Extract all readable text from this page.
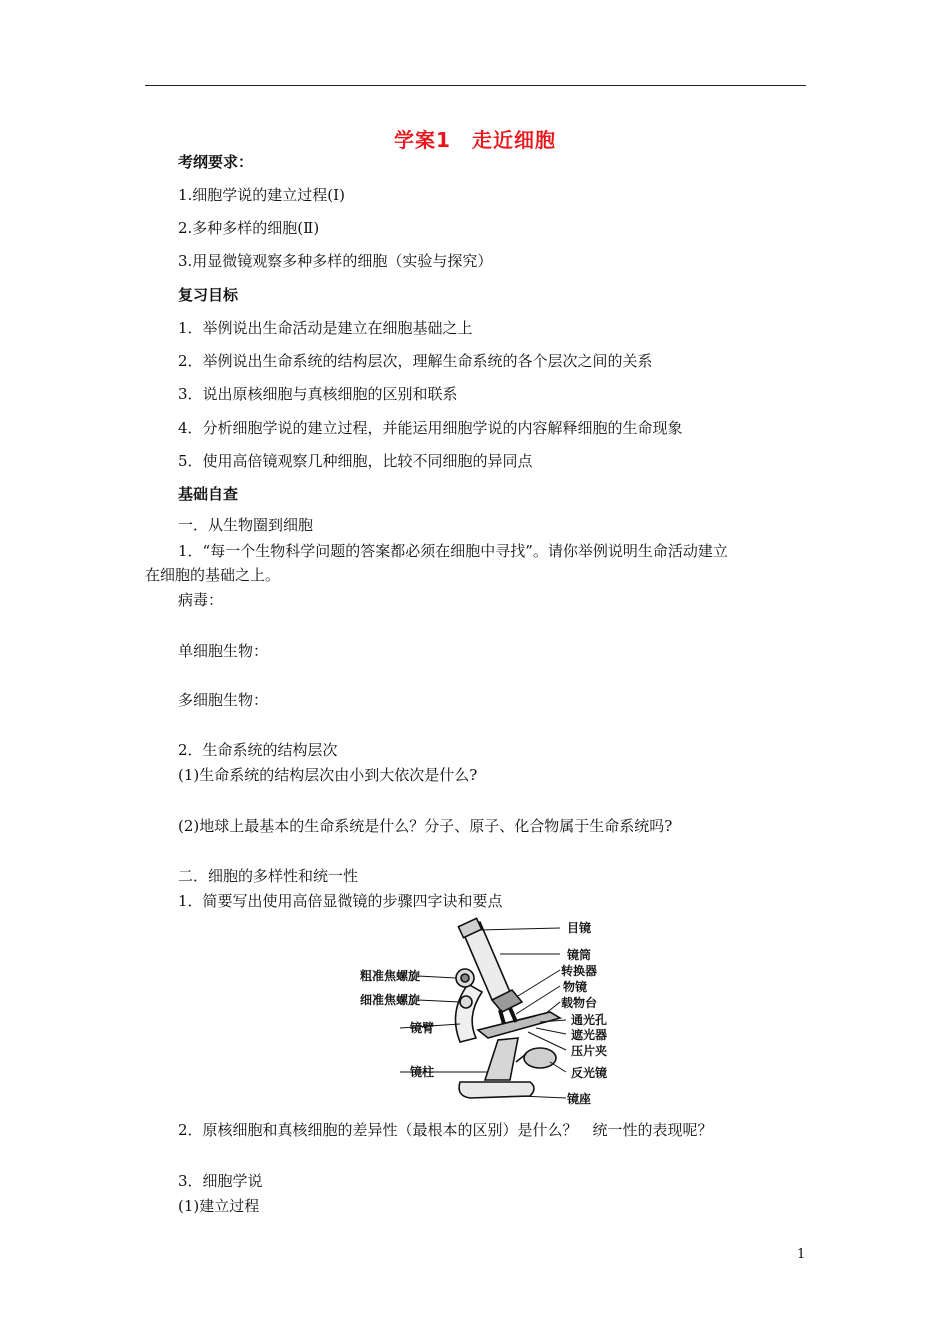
学案1　走近细胞
考纲要求：
1.细胞学说的建立过程(Ⅰ)
2.多种多样的细胞(Ⅱ)
3.用显微镜观察多种多样的细胞（实验与探究）
复习目标
1．举例说出生命活动是建立在细胞基础之上
2．举例说出生命系统的结构层次，理解生命系统的各个层次之间的关系
3．说出原核细胞与真核细胞的区别和联系
4．分析细胞学说的建立过程，并能运用细胞学说的内容解释细胞的生命现象
5．使用高倍镜观察几种细胞，比较不同细胞的异同点
基础自查
一．从生物圈到细胞
1．“每一个生物科学问题的答案都必须在细胞中寻找”。请你举例说明生命活动建立
在细胞的基础之上。
病毒：
单细胞生物：
多细胞生物：
2．生命系统的结构层次
(1)生命系统的结构层次由小到大依次是什么?
(2)地球上最基本的生命系统是什么？分子、原子、化合物属于生命系统吗?
二．细胞的多样性和统一性
1．简要写出使用高倍显微镜的步骤四字诀和要点
目镜
镜筒
转换器
物镜
载物台
通光孔
遮光器
压片夹
反光镜
镜座
粗准焦螺旋
细准焦螺旋
镜臂
镜柱
2．原核细胞和真核细胞的差异性（最根本的区别）是什么？　统一性的表现呢？
3．细胞学说
(1)建立过程
1
